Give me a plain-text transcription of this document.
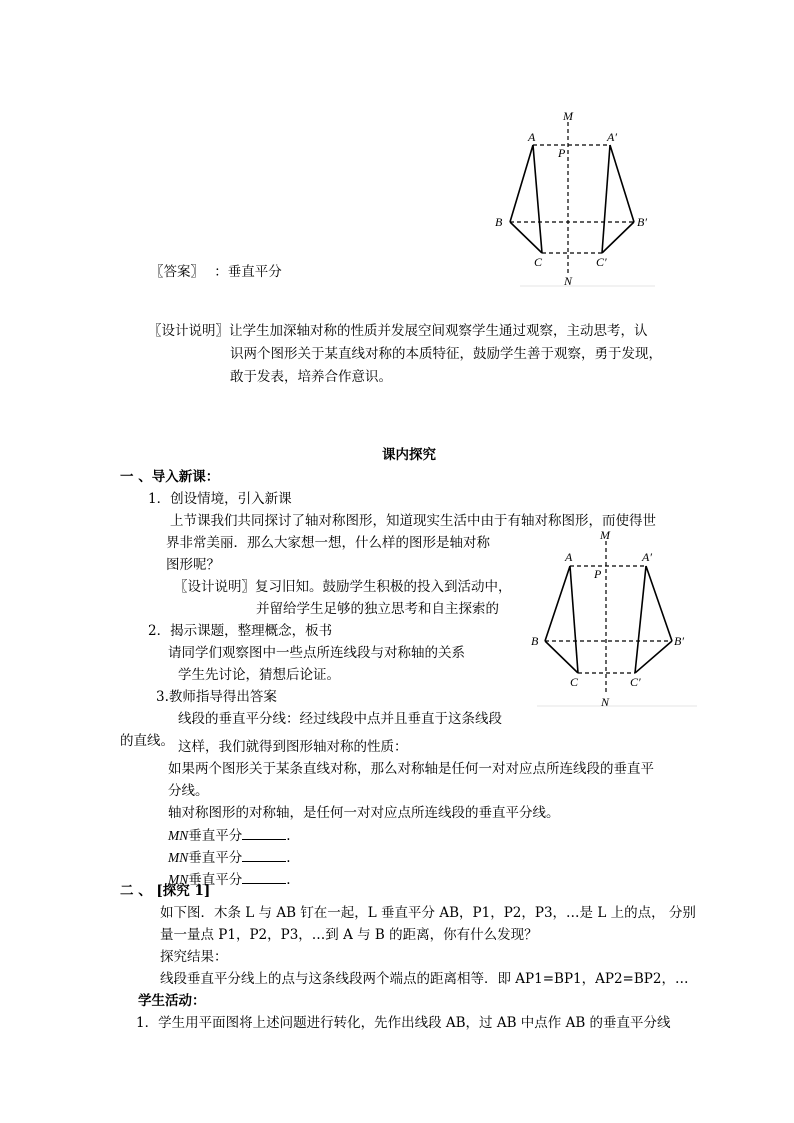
M
A	A′
P
B	B′
C	C′
N
〖答案〗 ：垂直平分
〖设计说明〗让学生加深轴对称的性质并发展空间观察学生通过观察，主动思考，认
识两个图形关于某直线对称的本质特征，鼓励学生善于观察，勇于发现，
敢于发表，培养合作意识。
课内探究
一 、导入新课：
1．创设情境，引入新课
上节课我们共同探讨了轴对称图形，知道现实生活中由于有轴对称图形，而使得世
界非常美丽．那么大家想一想，什么样的图形是轴对称
图形呢？
〖设计说明〗复习旧知。鼓励学生积极的投入到活动中，
并留给学生足够的独立思考和自主探索的
2．揭示课题，整理概念，板书
请同学们观察图中一些点所连线段与对称轴的关系
学生先讨论，猜想后论证。
3.教师指导得出答案
线段的垂直平分线：经过线段中点并且垂直于这条线段
的直线。
M
A	A′
P
B	B′
C	C′
N
这样，我们就得到图形轴对称的性质：
如果两个图形关于某条直线对称，那么对称轴是任何一对对应点所连线段的垂直平
分线。
轴对称图形的对称轴，是任何一对对应点所连线段的垂直平分线。
MN垂直平分	.
MN垂直平分	.
MN垂直平分	.
二 、 [探究 1]
如下图．木条 L 与 AB 钉在一起，L 垂直平分 AB，P1，P2，P3，…是 L 上的点， 分别
量一量点 P1，P2，P3，…到 A 与 B 的距离，你有什么发现？
探究结果：
线段垂直平分线上的点与这条线段两个端点的距离相等．即 AP1=BP1，AP2=BP2，…
学生活动：
1．学生用平面图将上述问题进行转化，先作出线段 AB，过 AB 中点作 AB 的垂直平分线
